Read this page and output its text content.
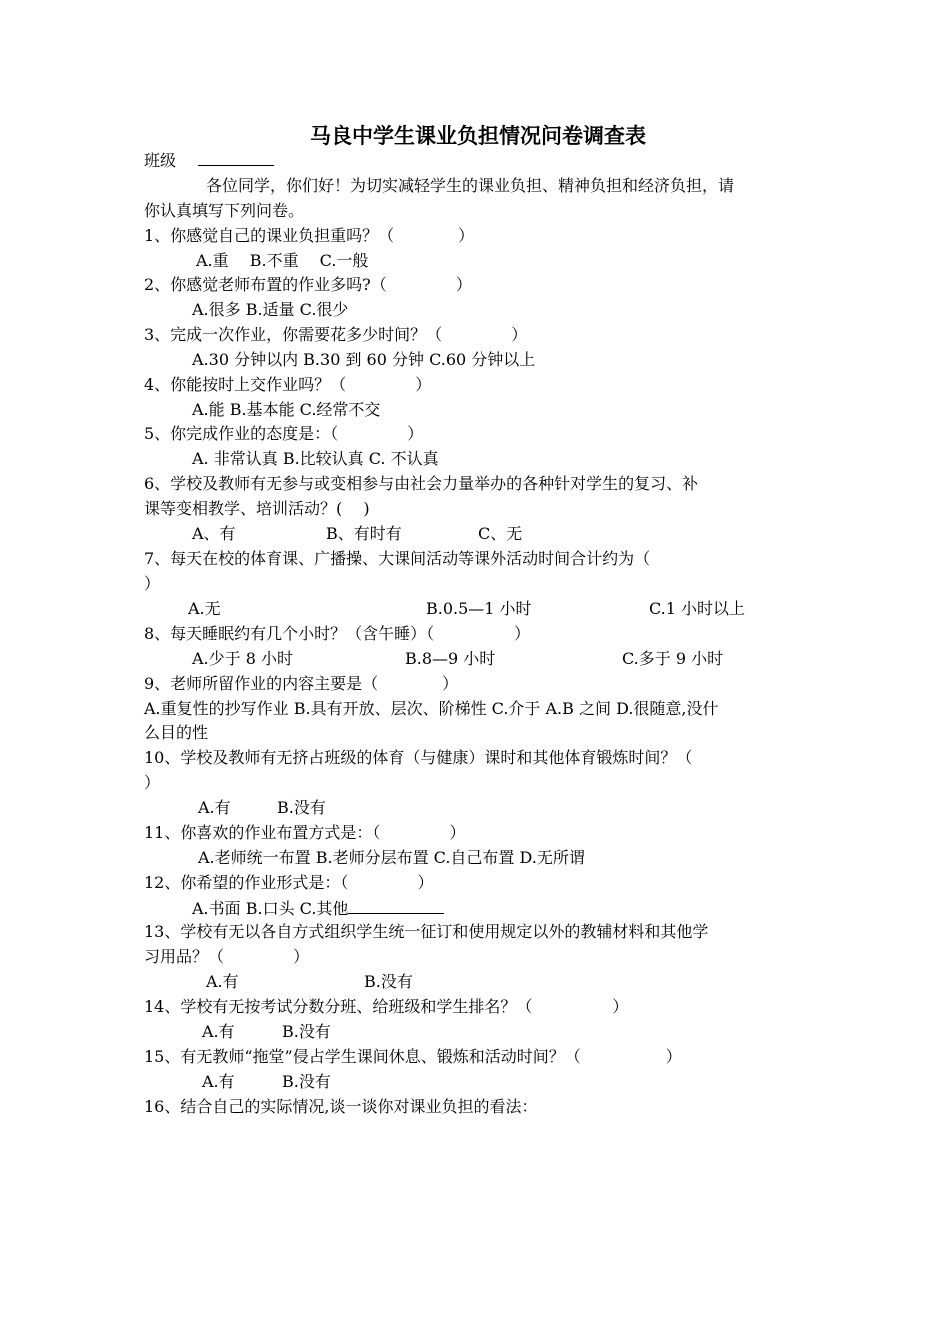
马良中学生课业负担情况问卷调查表
班级
各位同学，你们好！为切实减轻学生的课业负担、精神负担和经济负担，请
你认真填写下列问卷。
1、你感觉自己的课业负担重吗？（　　　　）
A.重　 B.不重　 C.一般
2、你感觉老师布置的作业多吗?（　　　　 ）
A.很多 B.适量 C.很少
3、完成一次作业，你需要花多少时间？（　　　　 ）
A.30 分钟以内 B.30 到 60 分钟 C.60 分钟以上
4、你能按时上交作业吗？（　　　　 ）
A.能 B.基本能 C.经常不交
5、你完成作业的态度是：（　　　　 ）
A. 非常认真 B.比较认真 C. 不认真
6、学校及教师有无参与或变相参与由社会力量举办的各种针对学生的复习、补
课等变相教学、培训活动？(　 )
A、有	B、有时有	C、无
7、每天在校的体育课、广播操、大课间活动等课外活动时间合计约为（
）
A.无	B.0.5—1 小时	C.1 小时以上
8、每天睡眠约有几个小时？（含午睡）（　　　　　）
A.少于 8 小时	B.8—9 小时	C.多于 9 小时
9、老师所留作业的内容主要是（　　　　）
A.重复性的抄写作业 B.具有开放、层次、阶梯性 C.介于 A.B 之间 D.很随意,没什
么目的性
10、学校及教师有无挤占班级的体育（与健康）课时和其他体育锻炼时间？（
）
A.有	B.没有
11、你喜欢的作业布置方式是：（　　　　 ）
A.老师统一布置 B.老师分层布置 C.自己布置 D.无所谓
12、你希望的作业形式是：（　　　　 ）
A.书面 B.口头 C.其他
13、学校有无以各自方式组织学生统一征订和使用规定以外的教辅材料和其他学
习用品？（　　　　 ）
A.有	B.没有
14、学校有无按考试分数分班、给班级和学生排名？（　　　　　）
A.有	B.没有
15、有无教师“拖堂”侵占学生课间休息、锻炼和活动时间？（　　　　　 ）
A.有	B.没有
16、结合自己的实际情况,谈一谈你对课业负担的看法：
